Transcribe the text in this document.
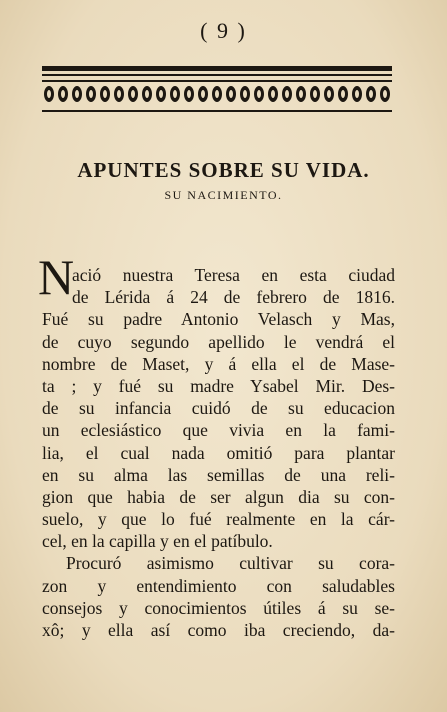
( 9 )
APUNTES SOBRE SU VIDA.
SU NACIMIENTO.
N
ació nuestra Teresa en esta ciudad
de Lérida á 24 de febrero de 1816.
Fué su padre Antonio Velasch y Mas,
de cuyo segundo apellido le vendrá el
nombre de Maset, y á ella el de Mase-
ta ; y fué su madre Ysabel Mir. Des-
de su infancia cuidó de su educacion
un eclesiástico que vivia en la fami-
lia, el cual nada omitió para plantar
en su alma las semillas de una reli-
gion que habia de ser algun dia su con-
suelo, y que lo fué realmente en la cár-
cel, en la capilla y en el patíbulo.
Procuró asimismo cultivar su cora-
zon y entendimiento con saludables
consejos y conocimientos útiles á su se-
xô; y ella así como iba creciendo, da-
